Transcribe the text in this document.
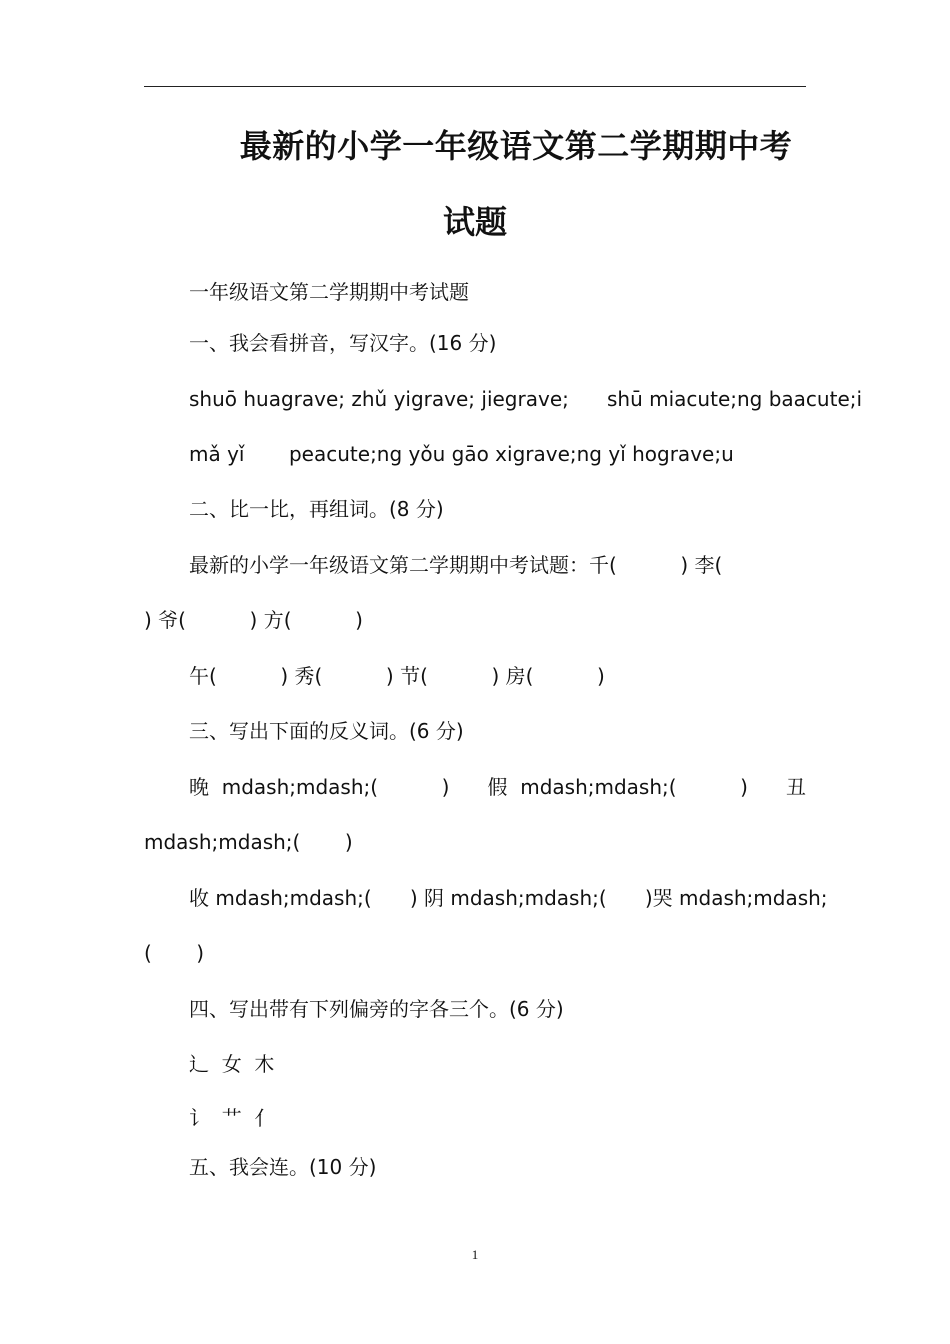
最新的小学一年级语文第二学期期中考
试题
一年级语文第二学期期中考试题
一、我会看拼音，写汉字。(16 分)
shuō huagrave; zhǔ yigrave; jiegrave;      shū miacute;ng baacute;i
mǎ yǐ       peacute;ng yǒu gāo xigrave;ng yǐ hograve;u
二、比一比，再组词。(8 分)
最新的小学一年级语文第二学期期中考试题：千(          ) 李(
) 爷(          ) 方(          )
午(          ) 秀(          ) 节(          ) 房(          )
三、写出下面的反义词。(6 分)
晚  mdash;mdash;(          ) 假  mdash;mdash;(          ) 丑
mdash;mdash;(       )
收 mdash;mdash;(      ) 阴 mdash;mdash;(      ) 哭 mdash;mdash;
(       )
四、写出带有下列偏旁的字各三个。(6 分)
辶  女  木
讠  艹  亻
五、我会连。(10 分)
1
